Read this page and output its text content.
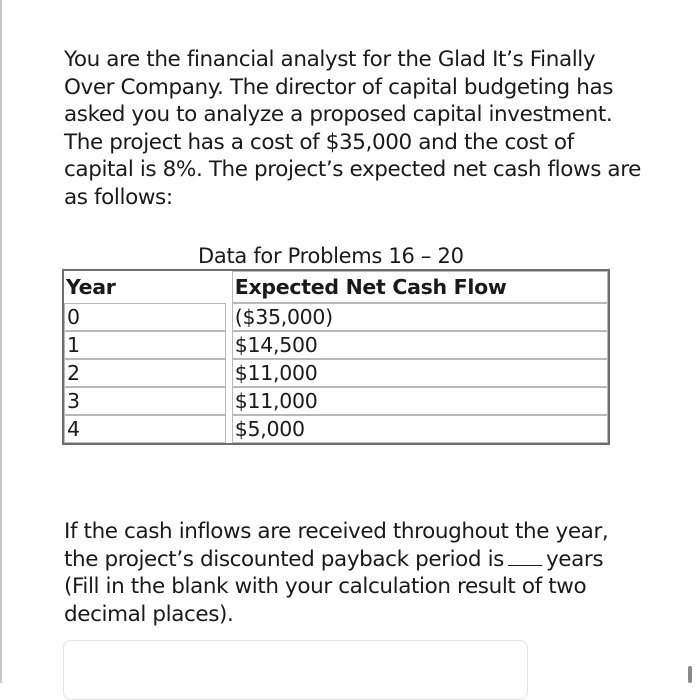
You are the financial analyst for the Glad It’s Finally
Over Company. The director of capital budgeting has
asked you to analyze a proposed capital investment.
The project has a cost of $35,000 and the cost of
capital is 8%. The project’s expected net cash flows are
as follows:
Data for Problems 16 – 20
Year		Expected Net Cash Flow
0		($35,000)
1		$14,500
2		$11,000
3		$11,000
4		$5,000
If the cash inflows are received throughout the year,
the project’s discounted payback period is years
(Fill in the blank with your calculation result of two
decimal places).
